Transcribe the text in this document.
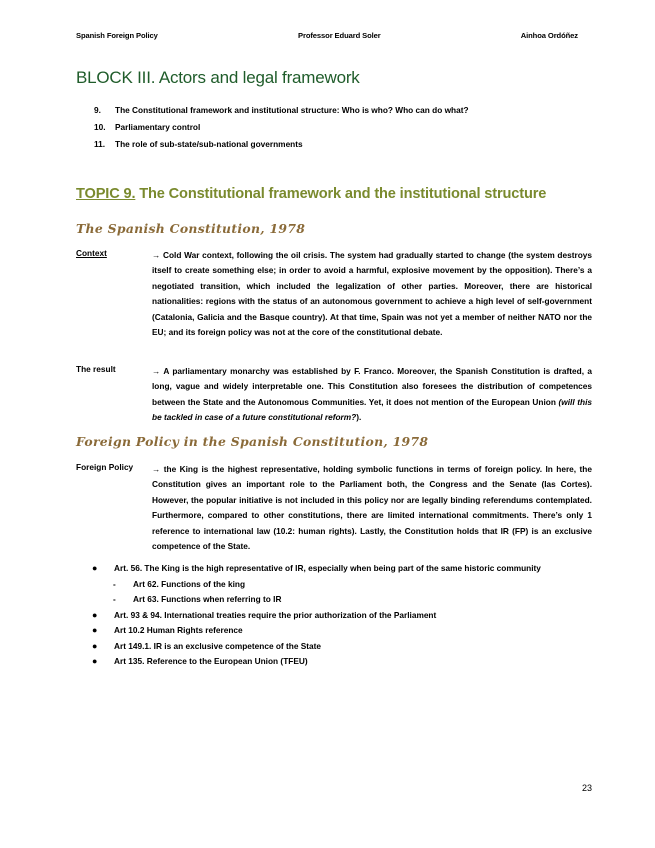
Spanish Foreign Policy	Professor Eduard Soler	Ainhoa Ordóñez
BLOCK III. Actors and legal framework
9.	The Constitutional framework and institutional structure: Who is who? Who can do what?
10.	Parliamentary control
11.	The role of sub-state/sub-national governments
TOPIC 9. The Constitutional framework and the institutional structure
The Spanish Constitution, 1978
Context	→ Cold War context, following the oil crisis. The system had gradually started to change (the system destroys itself to create something else; in order to avoid a harmful, explosive movement by the opposition). There’s a negotiated transition, which included the legalization of other parties. Moreover, there are historical nationalities: regions with the status of an autonomous government to achieve a high level of self-government (Catalonia, Galicia and the Basque country). At that time, Spain was not yet a member of neither NATO nor the EU; and its foreign policy was not at the core of the constitutional debate.
The result	→ A parliamentary monarchy was established by F. Franco. Moreover, the Spanish Constitution is drafted, a long, vague and widely interpretable one. This Constitution also foresees the distribution of competences between the State and the Autonomous Communities. Yet, it does not mention of the European Union (will this be tackled in case of a future constitutional reform?).
Foreign Policy in the Spanish Constitution, 1978
Foreign Policy → the King is the highest representative, holding symbolic functions in terms of foreign policy. In here, the Constitution gives an important role to the Parliament both, the Congress and the Senate (las Cortes). However, the popular initiative is not included in this policy nor are legally binding referendums contemplated. Furthermore, compared to other constitutions, there are limited international commitments. There’s only 1 reference to international law (10.2: human rights). Lastly, the Constitution holds that IR (FP) is an exclusive competence of the State.
● Art. 56. The King is the high representative of IR, especially when being part of the same historic community
- Art 62. Functions of the king
- Art 63. Functions when referring to IR
● Art. 93 & 94. International treaties require the prior authorization of the Parliament
● Art 10.2 Human Rights reference
● Art 149.1. IR is an exclusive competence of the State
● Art 135. Reference to the European Union (TFEU)
23
